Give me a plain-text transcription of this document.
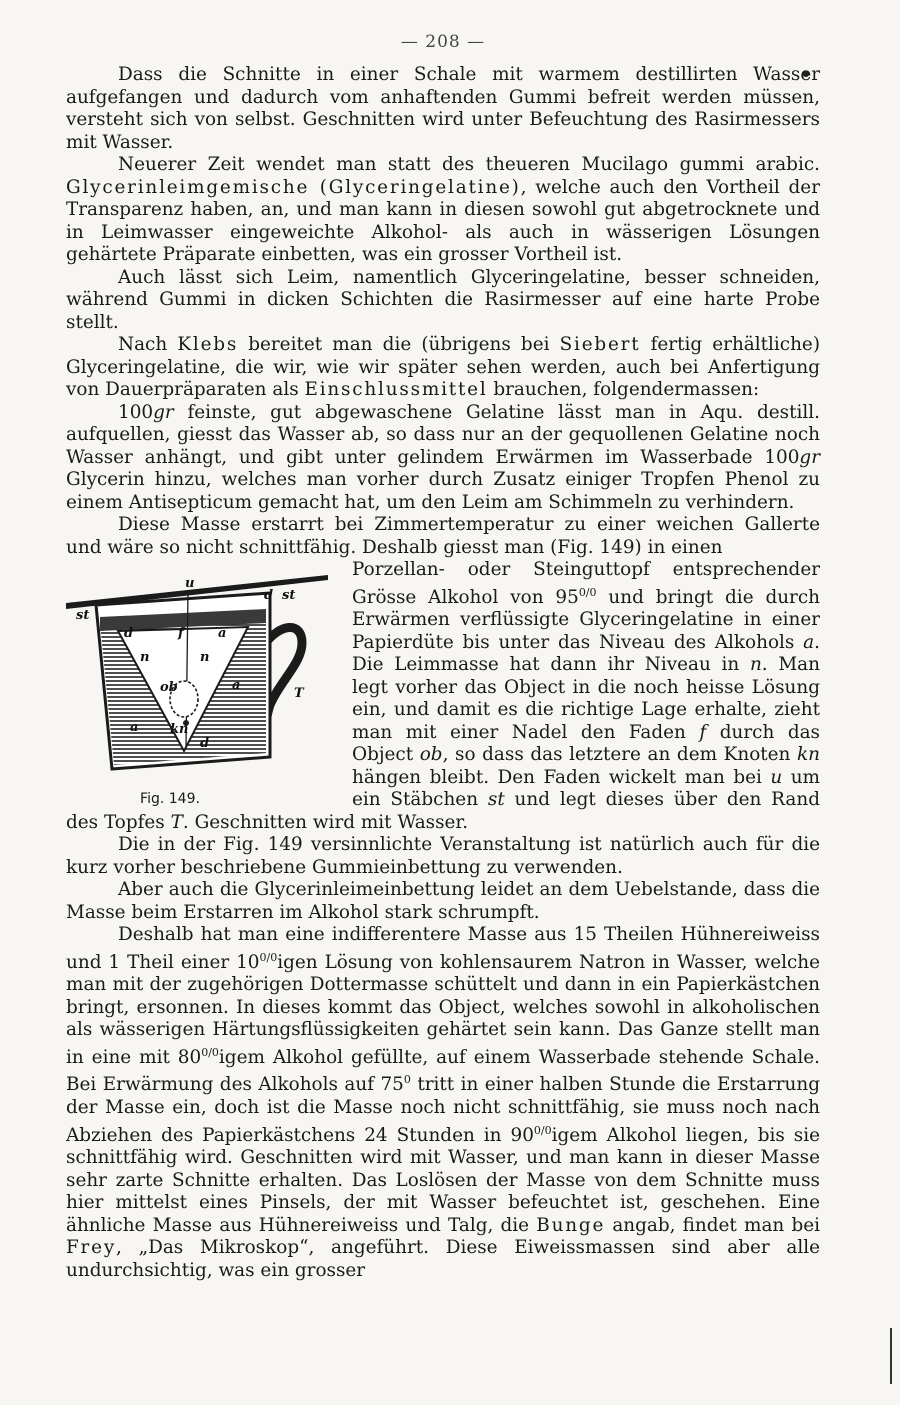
— 208 —

Dass die Schnitte in einer Schale mit warmem destillirten Wasser aufgefangen und dadurch vom anhaftenden Gummi befreit werden müssen, versteht sich von selbst. Geschnitten wird unter Befeuchtung des Rasirmessers mit Wasser.

Neuerer Zeit wendet man statt des theueren Mucilago gummi arabic. Glycerinleimgemische (Glyceringelatine), welche auch den Vortheil der Transparenz haben, an, und man kann in diesen sowohl gut abgetrocknete und in Leimwasser eingeweichte Alkohol- als auch in wässerigen Lösungen gehärtete Präparate einbetten, was ein grosser Vortheil ist.

Auch lässt sich Leim, namentlich Glyceringelatine, besser schneiden, während Gummi in dicken Schichten die Rasirmesser auf eine harte Probe stellt.

Nach Klebs bereitet man die (übrigens bei Siebert fertig erhältliche) Glyceringelatine, die wir, wie wir später sehen werden, auch bei Anfertigung von Dauerpräparaten als Einschlussmittel brauchen, folgendermassen:

100gr feinste, gut abgewaschene Gelatine lässt man in Aqu. destill. aufquellen, giesst das Wasser ab, so dass nur an der gequollenen Gelatine noch Wasser anhängt, und gibt unter gelindem Erwärmen im Wasserbade 100gr Glycerin hinzu, welches man vorher durch Zusatz einiger Tropfen Phenol zu einem Antisepticum gemacht hat, um den Leim am Schimmeln zu verhindern.

Diese Masse erstarrt bei Zimmertemperatur zu einer weichen Gallerte und wäre so nicht schnittfähig. Deshalb giesst man (Fig. 149) in einen

u
st
d st
d	f	a
n	n
a
T
ob
a kn
d
Fig. 149.

Porzellan- oder Steinguttopf entsprechender Grösse Alkohol von $95^{0/0}$ und bringt die durch Erwärmen verflüssigte Glyceringelatine in einer Papierdüte bis unter das Niveau des Alkohols a. Die Leimmasse hat dann ihr Niveau in n. Man legt vorher das Object in die noch heisse Lösung ein, und damit es die richtige Lage erhalte, zieht man mit einer Nadel den Faden f durch das Object ob, so dass das letztere an dem Knoten kn hängen bleibt. Den Faden wickelt man bei u um ein Stäbchen st und legt dieses über den Rand des Topfes T. Geschnitten wird mit Wasser.
Die in der Fig. 149 versinnlichte Veranstaltung ist natürlich auch für die kurz vorher beschriebene Gummieinbettung zu verwenden.

Aber auch die Glycerinleimeinbettung leidet an dem Uebelstande, dass die Masse beim Erstarren im Alkohol stark schrumpft.

Deshalb hat man eine indifferentere Masse aus 15 Theilen Hühnereiweiss und 1 Theil einer $10^{0/0}igen$ Lösung von kohlensaurem Natron in Wasser, welche man mit der zugehörigen Dottermasse schüttelt und dann in ein Papierkästchen bringt, ersonnen. In dieses kommt das Object, welches sowohl in alkoholischen als wässerigen Härtungsflüssigkeiten gehärtet sein kann. Das Ganze stellt man in eine mit $80^{0/0}igem$ Alkohol gefüllte, auf einem Wasserbade stehende Schale. Bei Erwärmung des Alkohols auf $75^0$ tritt in einer halben Stunde die Erstarrung der Masse ein, doch ist die Masse noch nicht schnittfähig, sie muss noch nach Abziehen des Papierkästchens 24 Stunden in $90^{0/0}igem$ Alkohol liegen, bis sie schnittfähig wird. Geschnitten wird mit Wasser, und man kann in dieser Masse sehr zarte Schnitte erhalten. Das Loslösen der Masse von dem Schnitte muss hier mittelst eines Pinsels, der mit Wasser befeuchtet ist, geschehen. Eine ähnliche Masse aus Hühnereiweiss und Talg, die Bunge angab, findet man bei Frey, „Das Mikroskop“, angeführt. Diese Eiweissmassen sind aber alle undurchsichtig, was ein grosser
